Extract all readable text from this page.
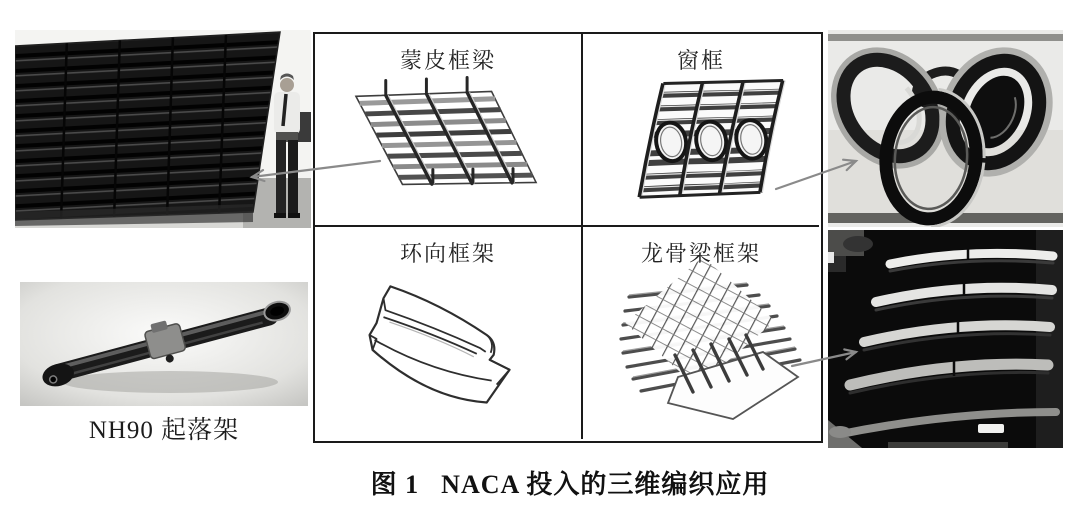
NH90 起落架
蒙皮框梁	窗框
环向框架	龙骨梁框架
图 1 NACA 投入的三维编织应用
